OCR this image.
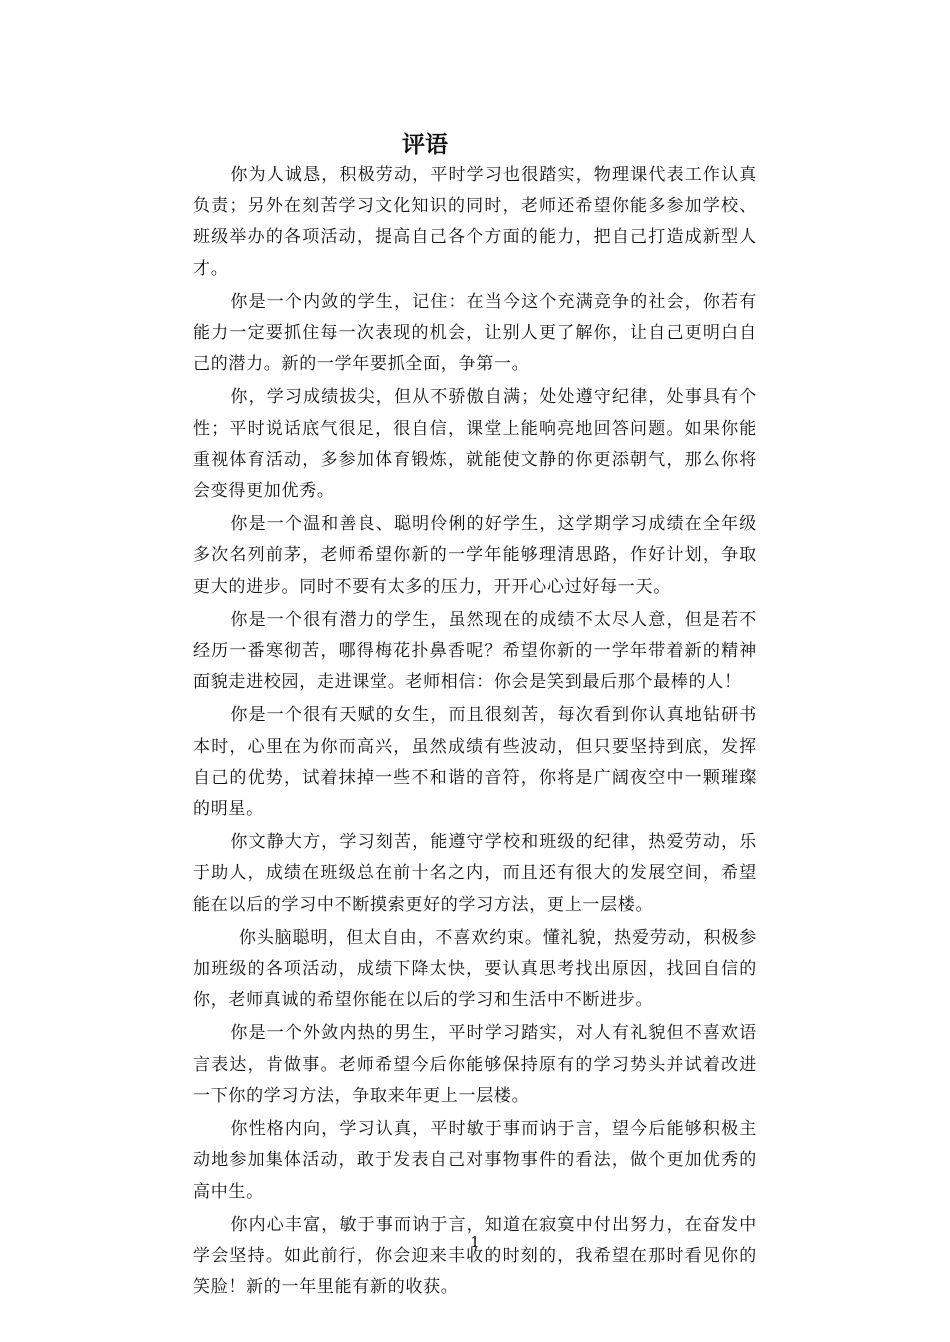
评语

你为人诚恳，积极劳动，平时学习也很踏实，物理课代表工作认真负责；另外在刻苦学习文化知识的同时，老师还希望你能多参加学校、班级举办的各项活动，提高自己各个方面的能力，把自己打造成新型人才。

你是一个内敛的学生，记住：在当今这个充满竞争的社会，你若有能力一定要抓住每一次表现的机会，让别人更了解你，让自己更明白自己的潜力。新的一学年要抓全面，争第一。

你，学习成绩拔尖，但从不骄傲自满；处处遵守纪律，处事具有个性；平时说话底气很足，很自信，课堂上能响亮地回答问题。如果你能重视体育活动，多参加体育锻炼，就能使文静的你更添朝气，那么你将会变得更加优秀。

你是一个温和善良、聪明伶俐的好学生，这学期学习成绩在全年级多次名列前茅，老师希望你新的一学年能够理清思路，作好计划，争取更大的进步。同时不要有太多的压力，开开心心过好每一天。

你是一个很有潜力的学生，虽然现在的成绩不太尽人意，但是若不经历一番寒彻苦，哪得梅花扑鼻香呢？希望你新的一学年带着新的精神面貌走进校园，走进课堂。老师相信：你会是笑到最后那个最棒的人！

你是一个很有天赋的女生，而且很刻苦，每次看到你认真地钻研书本时，心里在为你而高兴，虽然成绩有些波动，但只要坚持到底，发挥自己的优势，试着抹掉一些不和谐的音符，你将是广阔夜空中一颗璀璨的明星。

你文静大方，学习刻苦，能遵守学校和班级的纪律，热爱劳动，乐于助人，成绩在班级总在前十名之内，而且还有很大的发展空间，希望能在以后的学习中不断摸索更好的学习方法，更上一层楼。

你头脑聪明，但太自由，不喜欢约束。懂礼貌，热爱劳动，积极参加班级的各项活动，成绩下降太快，要认真思考找出原因，找回自信的你，老师真诚的希望你能在以后的学习和生活中不断进步。

你是一个外敛内热的男生，平时学习踏实，对人有礼貌但不喜欢语言表达，肯做事。老师希望今后你能够保持原有的学习势头并试着改进一下你的学习方法，争取来年更上一层楼。

你性格内向，学习认真，平时敏于事而讷于言，望今后能够积极主动地参加集体活动，敢于发表自己对事物事件的看法，做个更加优秀的高中生。

你内心丰富，敏于事而讷于言，知道在寂寞中付出努力，在奋发中学会坚持。如此前行，你会迎来丰收的时刻的，我希望在那时看见你的笑脸！新的一年里能有新的收获。

1
